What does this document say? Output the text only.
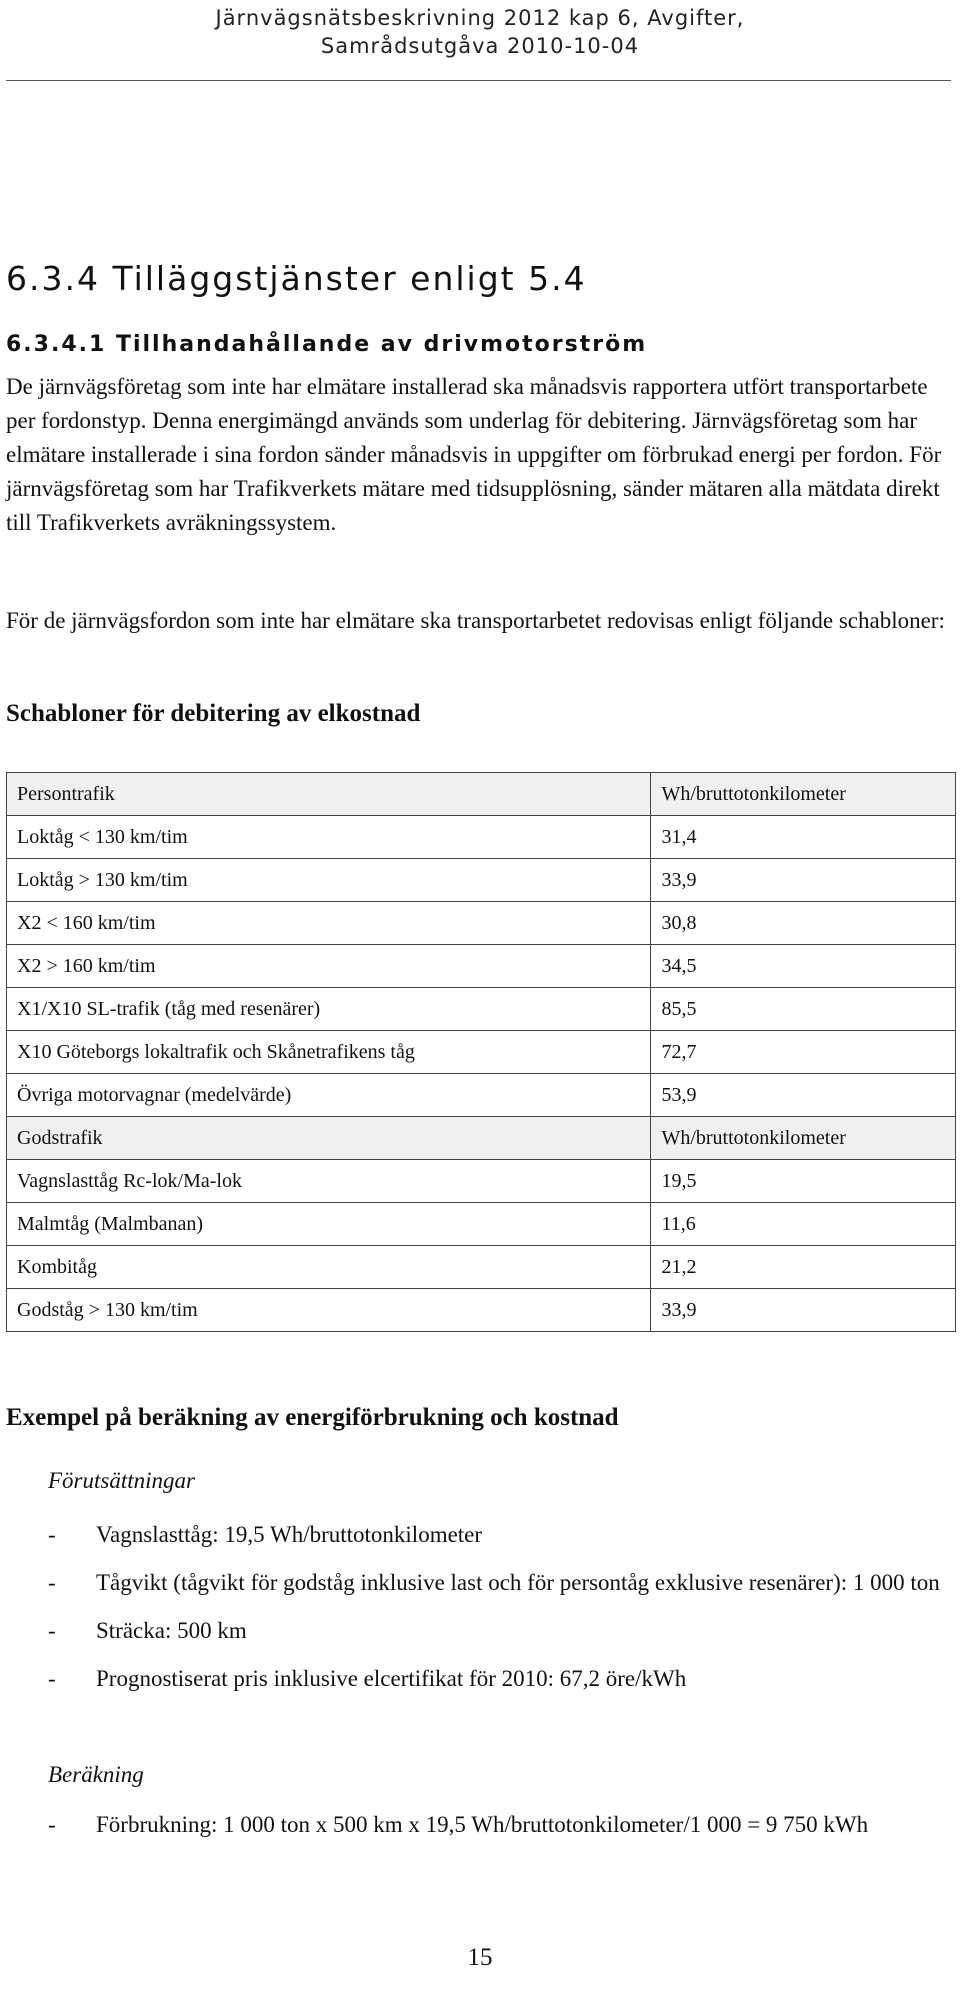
Järnvägsnätsbeskrivning 2012 kap 6, Avgifter,
Samrådsutgåva 2010-10-04
6.3.4 Tilläggstjänster enligt 5.4
6.3.4.1 Tillhandahållande av drivmotorström

De järnvägsföretag som inte har elmätare installerad ska månadsvis rapportera utfört transportarbete per fordonstyp. Denna energimängd används som underlag för debitering. Järnvägsföretag som har elmätare installerade i sina fordon sänder månadsvis in uppgifter om förbrukad energi per fordon. För järnvägsföretag som har Trafikverkets mätare med tidsupplösning, sänder mätaren alla mätdata direkt till Trafikverkets avräkningssystem.

För de järnvägsfordon som inte har elmätare ska transportarbetet redovisas enligt följande schabloner:

Schabloner för debitering av elkostnad
Persontrafik	Wh/bruttotonkilometer
Loktåg < 130 km/tim	31,4
Loktåg > 130 km/tim	33,9
X2 < 160 km/tim	30,8
X2 > 160 km/tim	34,5
X1/X10 SL-trafik (tåg med resenärer)	85,5
X10 Göteborgs lokaltrafik och Skånetrafikens tåg	72,7
Övriga motorvagnar (medelvärde)	53,9
Godstrafik	Wh/bruttotonkilometer
Vagnslasttåg Rc-lok/Ma-lok	19,5
Malmtåg (Malmbanan)	11,6
Kombitåg	21,2
Godståg > 130 km/tim	33,9
Exempel på beräkning av energiförbrukning och kostnad
Förutsättningar
- Vagnslasttåg: 19,5 Wh/bruttotonkilometer
- Tågvikt (tågvikt för godståg inklusive last och för persontåg exklusive resenärer): 1 000 ton
- Sträcka: 500 km
- Prognostiserat pris inklusive elcertifikat för 2010: 67,2 öre/kWh
Beräkning
- Förbrukning: 1 000 ton x 500 km x 19,5 Wh/bruttotonkilometer/1 000 = 9 750 kWh
15
